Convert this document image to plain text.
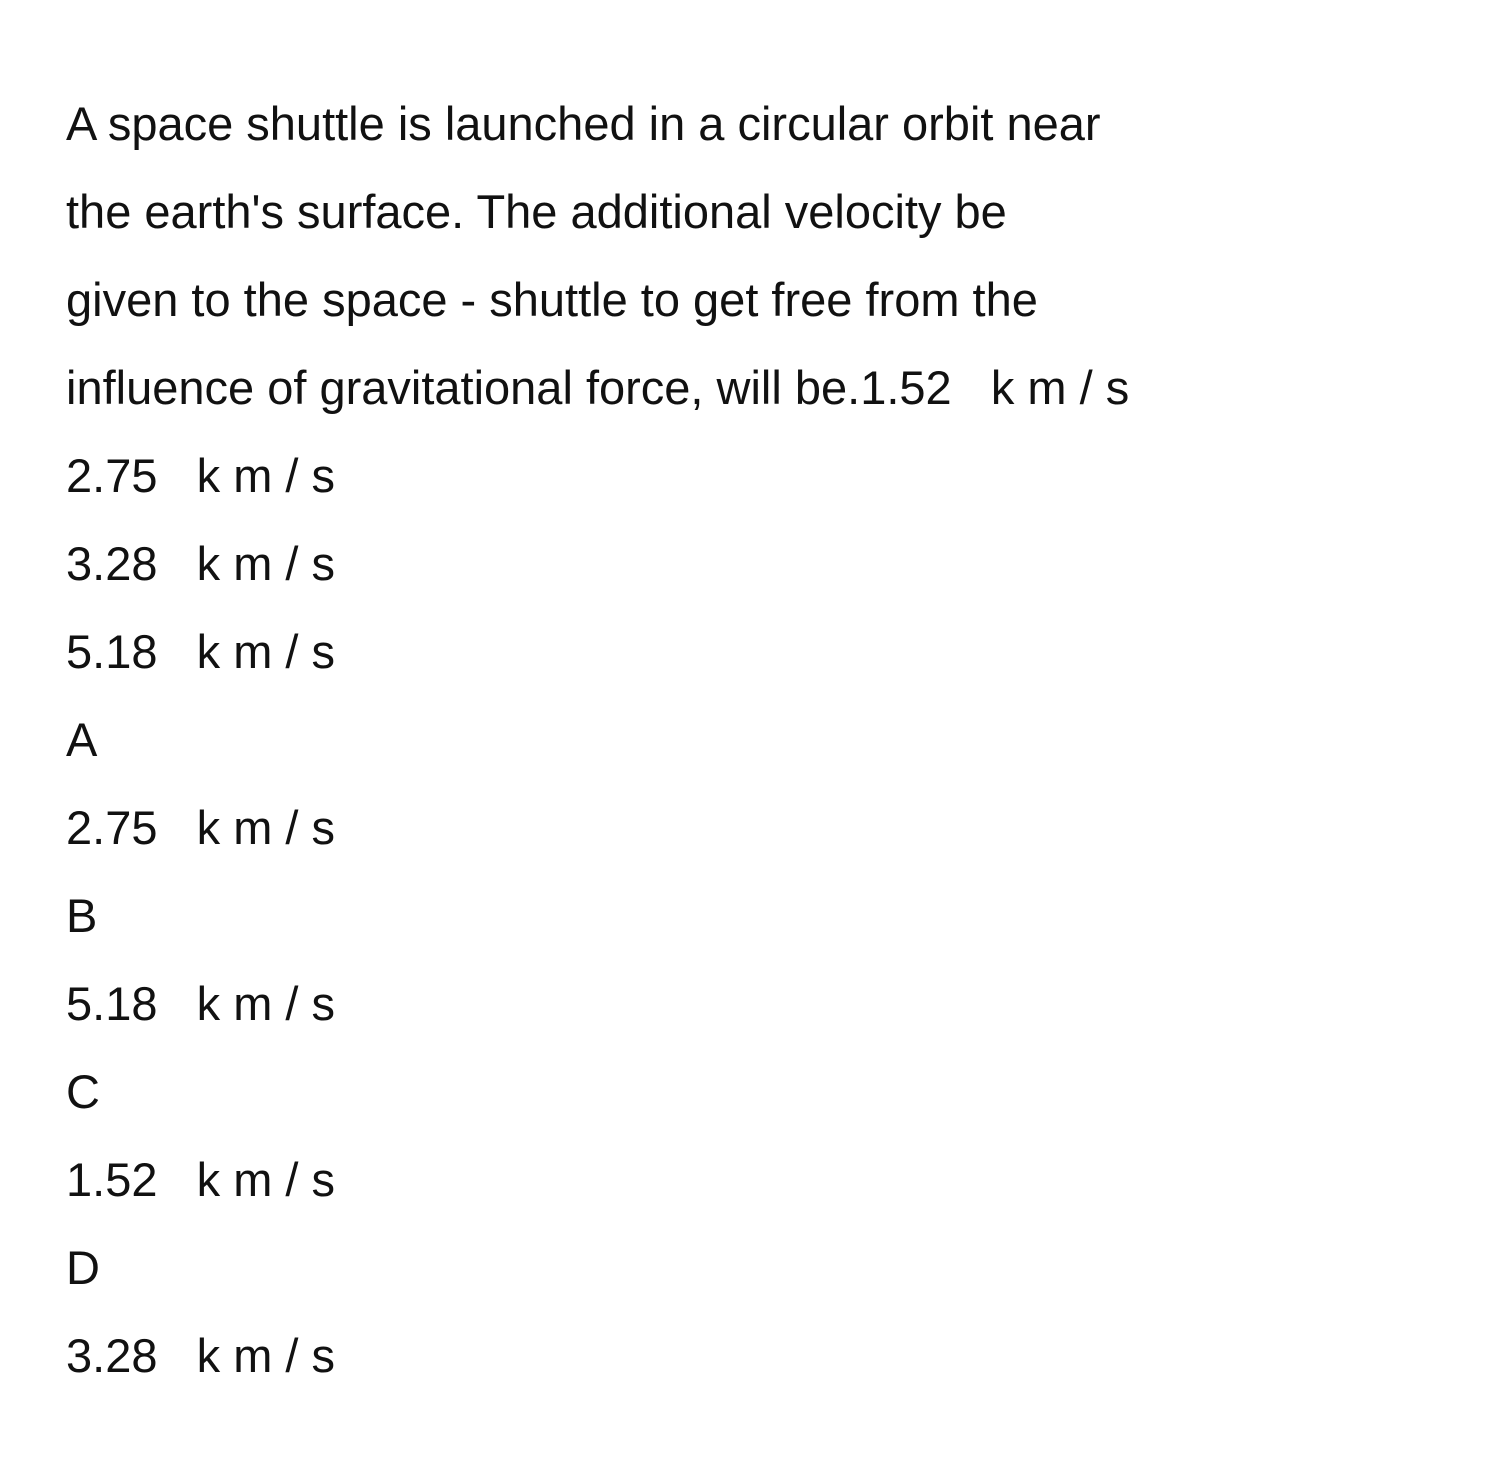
A space shuttle is launched in a circular orbit near
the earth's surface. The additional velocity be
given to the space - shuttle to get free from the
influence of gravitational force, will be.1.52   k m / s
2.75   k m / s
3.28   k m / s
5.18   k m / s
A
2.75   k m / s
B
5.18   k m / s
C
1.52   k m / s
D
3.28   k m / s
